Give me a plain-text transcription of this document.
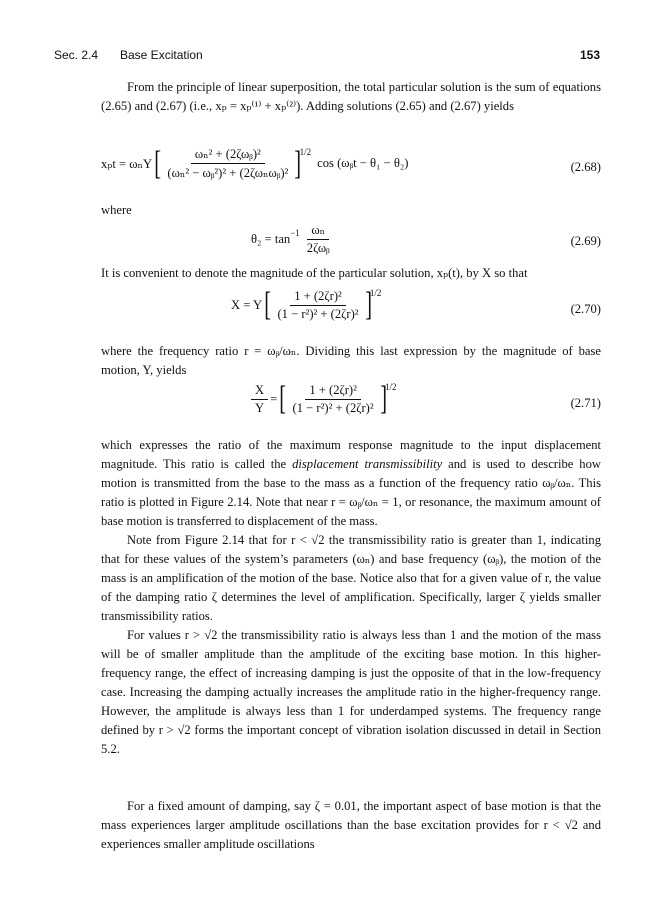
Sec. 2.4 Base Excitation	153

From the principle of linear superposition, the total particular solution is the sum of equations (2.65) and (2.67) (i.e., xₚ = xₚ⁽¹⁾ + xₚ⁽²⁾). Adding solutions (2.65) and (2.67) yields

xₚt = ωₙY [ $\frac{\text{ωₙ² + (2ζωᵦ)²}}{\text{(ωₙ² − ωᵦ²)² + (2ζωₙωᵦ)²}}$ ]
1/2
cos (ωᵦt − θ₁ − θ₂)	(2.68)

where

$\theta_2 = \tan -1 \frac{\text{ωₙ}}{\text{2ζωᵦ}}$	(2.69)

It is convenient to denote the magnitude of the particular solution, xₚ(t), by X so that

X = Y [ $\frac{\text{1 + (2ζr)²}}{\text{(1 − r²)² + (2ζr)²}}$ ]
1/2
(2.70)

where the frequency ratio r = ωᵦ/ωₙ. Dividing this last expression by the magnitude of base motion, Y, yields

$\frac{X}{Y}$ = [ $\frac{\text{1 + (2ζr)²}}{\text{(1 − r²)² + (2ζr)²}}$ ]
1/2
(2.71)

which expresses the ratio of the maximum response magnitude to the input displacement magnitude. This ratio is called the displacement transmissibility and is used to describe how motion is transmitted from the base to the mass as a function of the frequency ratio ωᵦ/ωₙ. This ratio is plotted in Figure 2.14. Note that near r = ωᵦ/ωₙ = 1, or resonance, the maximum amount of base motion is transferred to displacement of the mass.

Note from Figure 2.14 that for r < √2 the transmissibility ratio is greater than 1, indicating that for these values of the system’s parameters (ωₙ) and base frequency (ωᵦ), the motion of the mass is an amplification of the motion of the base. Notice also that for a given value of r, the value of the damping ratio ζ determines the level of amplification. Specifically, larger ζ yields smaller transmissibility ratios.

For values r > √2 the transmissibility ratio is always less than 1 and the motion of the mass will be of smaller amplitude than the amplitude of the exciting base motion. In this higher-frequency range, the effect of increasing damping is just the opposite of that in the low-frequency case. Increasing the damping actually increases the amplitude ratio in the higher-frequency range. However, the amplitude is always less than 1 for underdamped systems. The frequency range defined by r > √2 forms the important concept of vibration isolation discussed in detail in Section 5.2.

For a fixed amount of damping, say ζ = 0.01, the important aspect of base motion is that the mass experiences larger amplitude oscillations than the base excitation provides for r < √2 and experiences smaller amplitude oscillations
